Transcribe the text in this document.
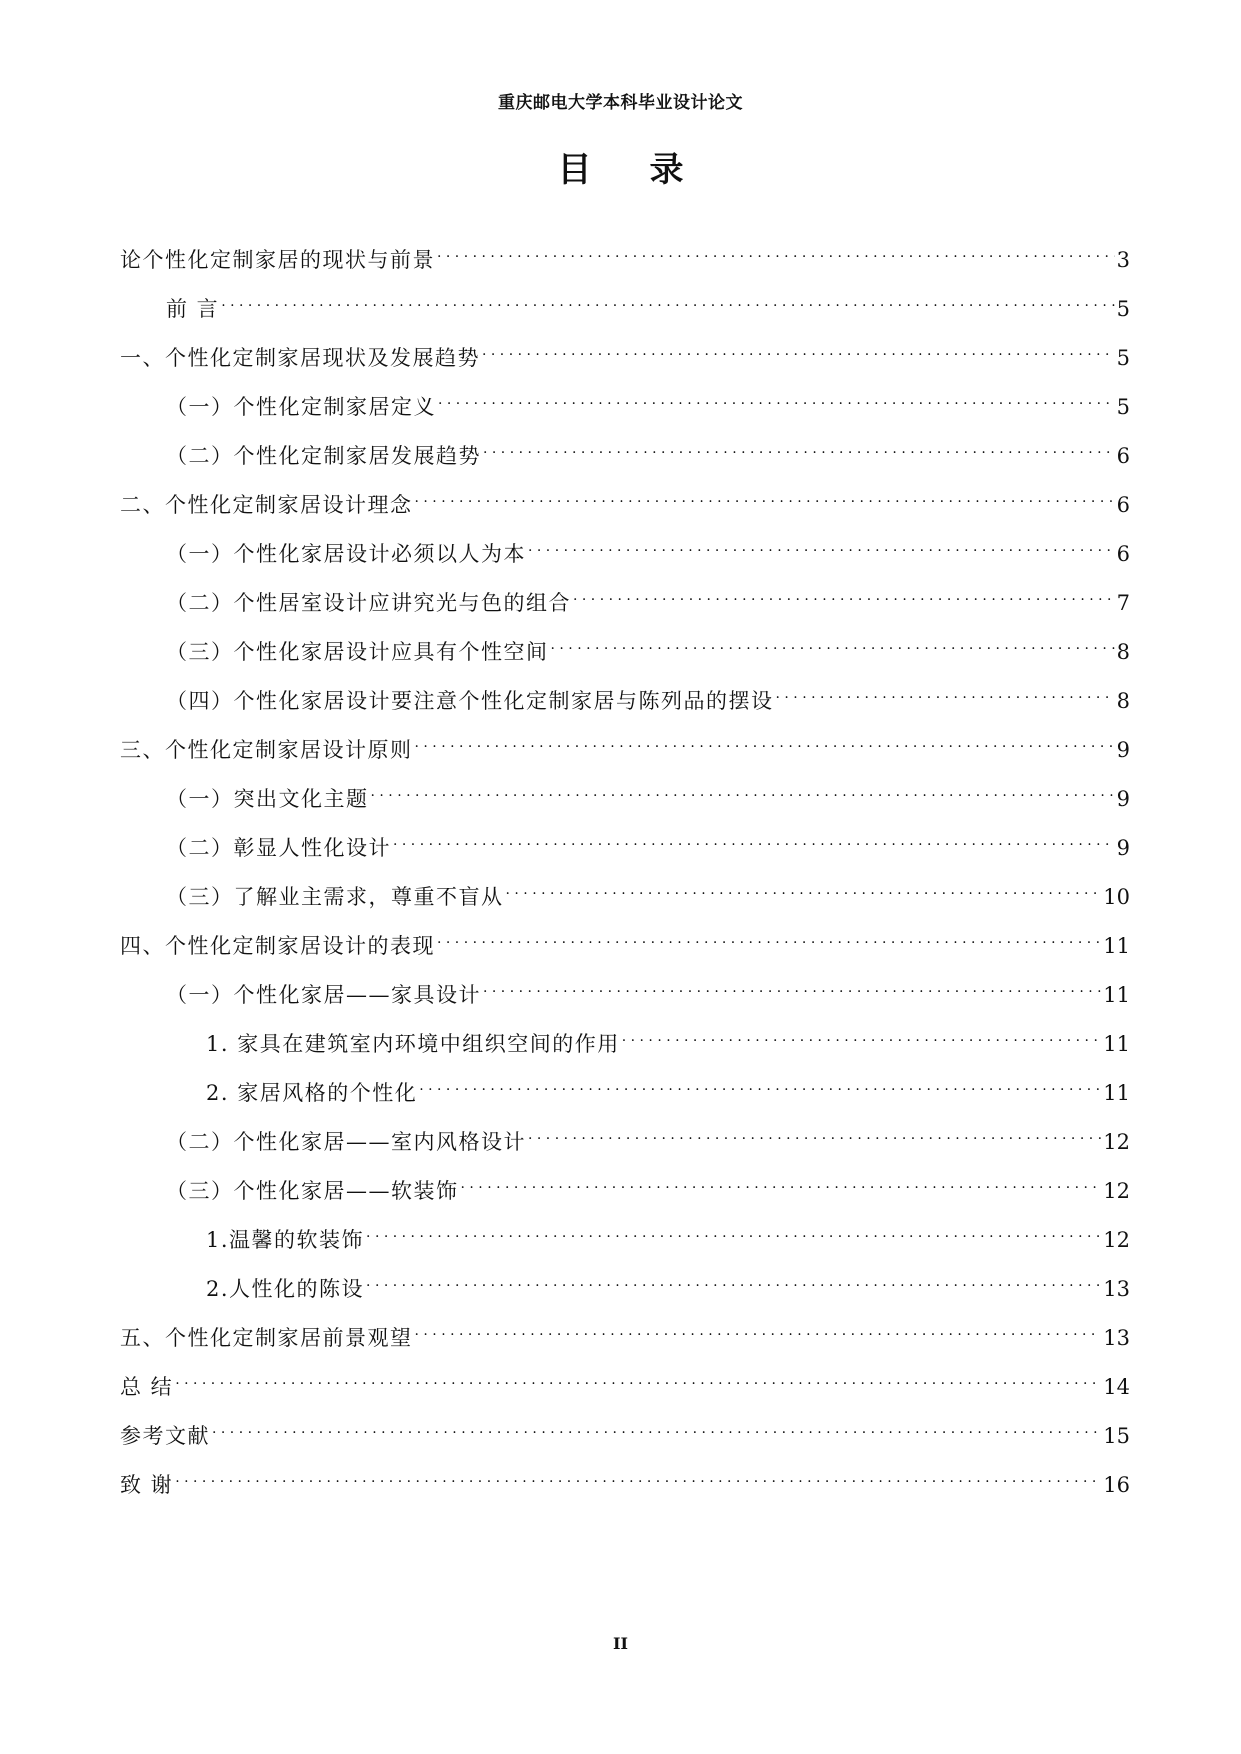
重庆邮电大学本科毕业设计论文
目 录
论个性化定制家居的现状与前景 · · ·	3
前 言 · · ·	5
一、个性化定制家居现状及发展趋势 · · ·	5
（一）个性化定制家居定义 · · ·	5
（二）个性化定制家居发展趋势 · · ·	6
二、个性化定制家居设计理念 · · ·	6
（一）个性化家居设计必须以人为本 · · ·	6
（二）个性居室设计应讲究光与色的组合 · · ·	7
（三）个性化家居设计应具有个性空间 · · ·	8
（四）个性化家居设计要注意个性化定制家居与陈列品的摆设 · · ·	8
三、个性化定制家居设计原则 · · ·	9
（一）突出文化主题 · · ·	9
（二）彰显人性化设计 · · ·	9
（三）了解业主需求，尊重不盲从 · · ·	10
四、个性化定制家居设计的表现 · · ·	11
（一）个性化家居——家具设计 · · ·	11
1. 家具在建筑室内环境中组织空间的作用 · · ·	11
2. 家居风格的个性化 · · ·	11
（二）个性化家居——室内风格设计 · · ·	12
（三）个性化家居——软装饰 · · ·	12
1.温馨的软装饰 · · ·	12
2.人性化的陈设 · · ·	13
五、个性化定制家居前景观望 · · ·	13
总 结 · · ·	14
参考文献 · · ·	15
致 谢 · · ·	16
II
